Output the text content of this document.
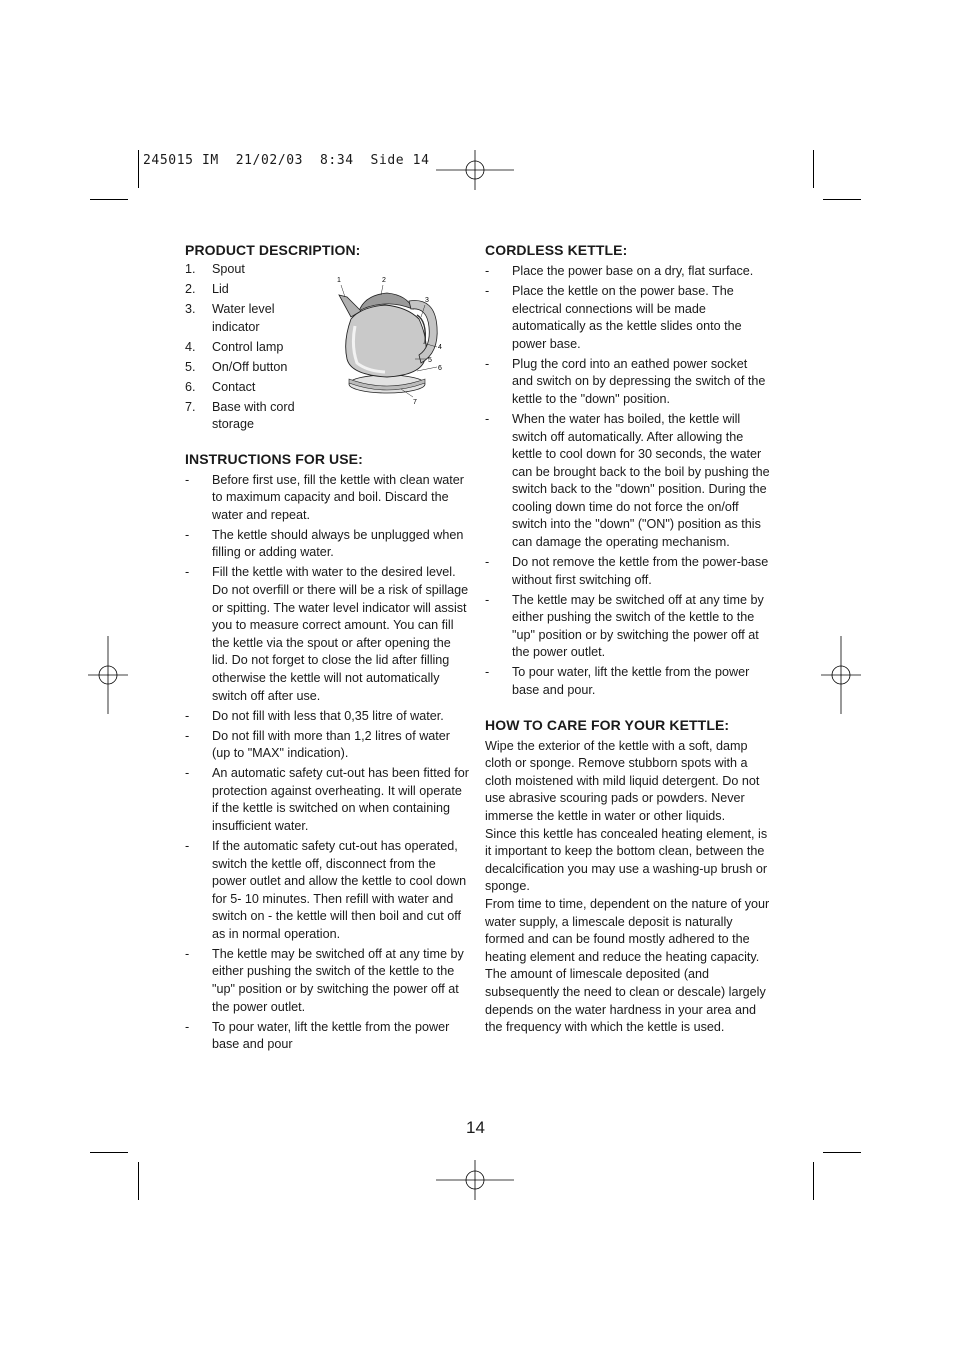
245015 IM  21/02/03  8:34  Side 14
PRODUCT DESCRIPTION:
1.	Spout
2.	Lid
3.	Water level indicator
4.	Control lamp
5.	On/Off button
6.	Contact
7.	Base with cord storage
1	2
3
4
5
6
7
INSTRUCTIONS FOR USE:
-	Before first use, fill the kettle with clean water to maximum capacity and boil. Discard the water and repeat.
-	The kettle should always be unplugged when filling or adding water.
-	Fill the kettle with water to the desired level. Do not overfill or there will be a risk of spillage or spitting. The water level indicator will assist you to measure correct amount. You can fill the kettle via the spout or after opening the lid. Do not forget to close the lid after filling otherwise the kettle will not automatically switch off after use.
-	Do not fill with less that 0,35 litre of water.
-	Do not fill with more than 1,2 litres of water (up to "MAX" indication).
-	An automatic safety cut-out has been fitted for protection against overheating. It will operate if the kettle is switched on when containing insufficient water.
-	If the automatic safety cut-out has operated, switch the kettle off, disconnect from the power outlet and allow the kettle to cool down for 5- 10 minutes. Then refill with water and switch on - the kettle will then boil and cut off as in normal operation.
-	The kettle may be switched off at any time by either pushing the switch of the kettle to the "up" position or by switching the power off at the power outlet.
-	To pour water, lift the kettle from the power base and pour
CORDLESS KETTLE:
-	Place the power base on a dry, flat surface.
-	Place the kettle on the power base. The electrical connections will be made automatically as the kettle slides onto the power base.
-	Plug the cord into an eathed power socket and switch on by depressing the switch of the kettle to the "down" position.
-	When the water has boiled, the kettle will switch off automatically. After allowing the kettle to cool down for 30 seconds, the water can be brought back to the boil by pushing the switch back to the "down" position. During the cooling down time do not force the on/off switch into the "down" ("ON") position as this can damage the operating mechanism.
-	Do not remove the kettle from the power-base without first switching off.
-	The kettle may be switched off at any time by either pushing the switch of the kettle to the "up" position or by switching the power off at the power outlet.
-	To pour water, lift the kettle from the power base and pour.
HOW TO CARE FOR YOUR KETTLE:

Wipe the exterior of the kettle with a soft, damp cloth or sponge. Remove stubborn spots with a cloth moistened with mild liquid detergent. Do not use abrasive scouring pads or powders. Never immerse the kettle in water or other liquids.

Since this kettle has concealed heating element, is it important to keep the bottom clean, between the decalcification you may use a washing-up brush or sponge.

From time to time, dependent on the nature of your water supply, a limescale deposit is naturally formed and can be found mostly adhered to the heating element and reduce the heating capacity. The amount of limescale deposited (and subsequently the need to clean or descale) largely depends on the water hardness in your area and the frequency with which the kettle is used.

14
